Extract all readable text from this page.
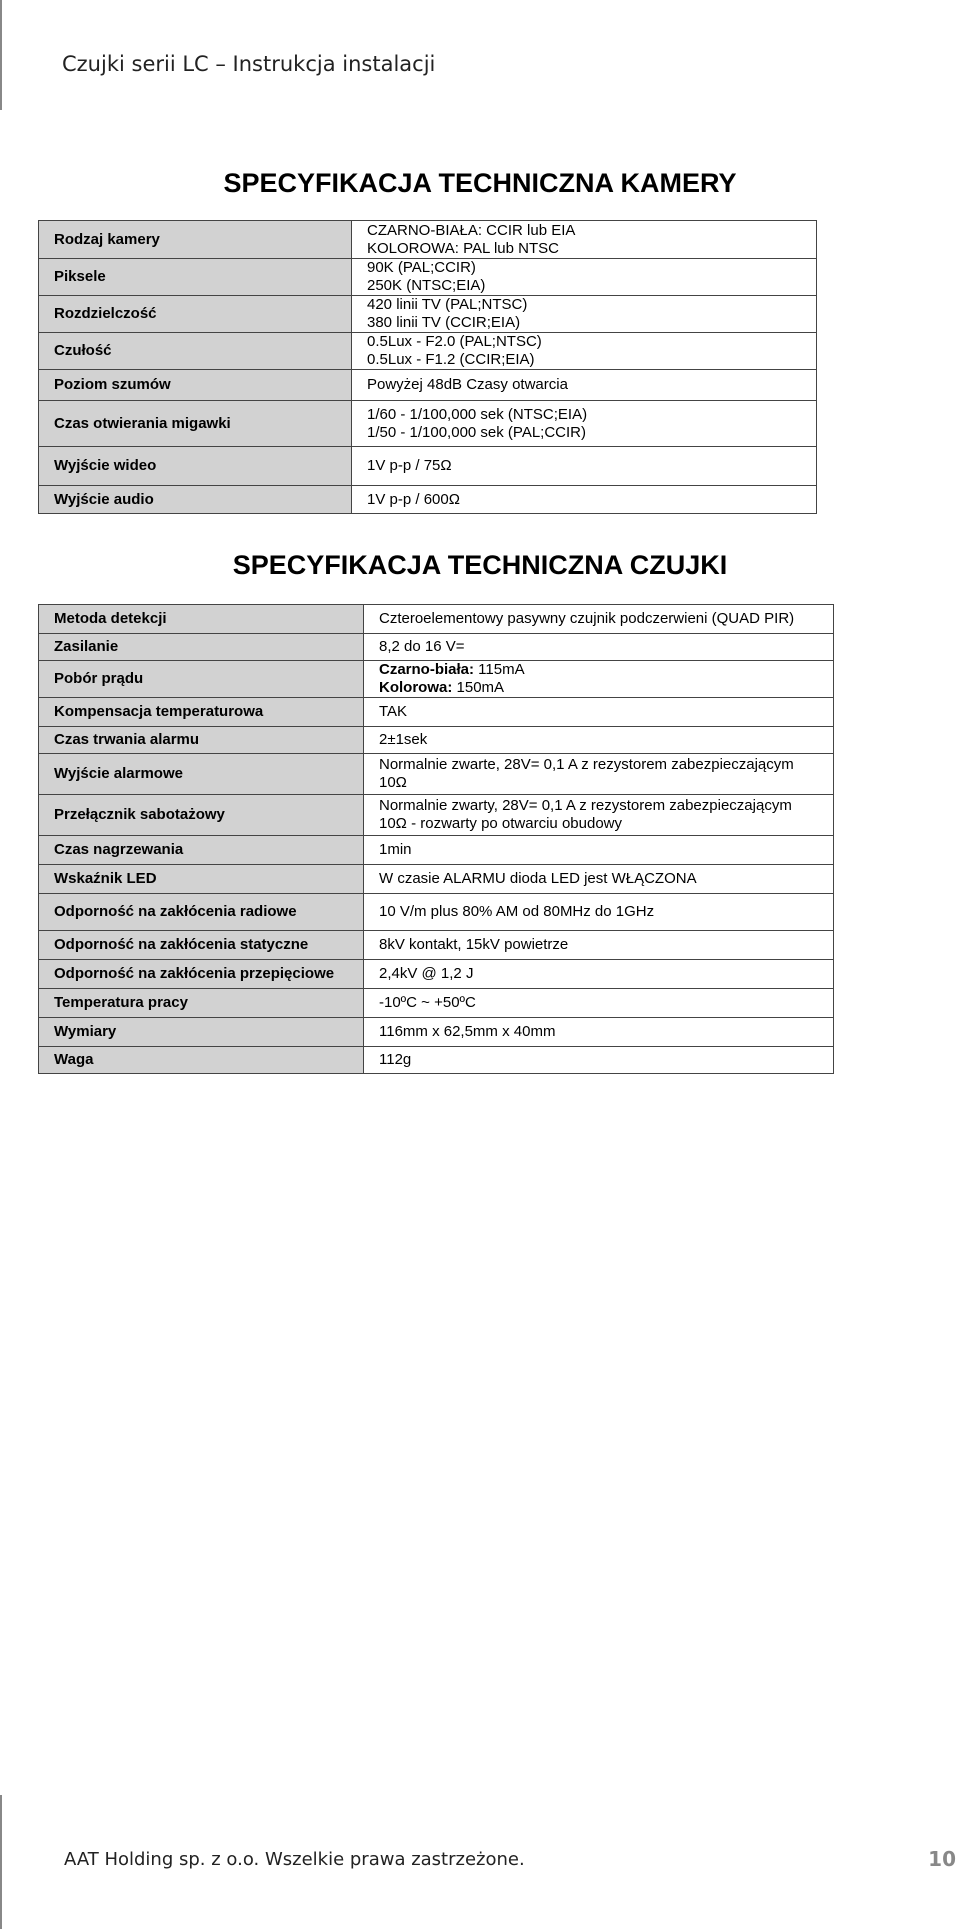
Czujki serii LC – Instrukcja instalacji
SPECYFIKACJA TECHNICZNA KAMERY
Rodzaj kamery	CZARNO-BIAŁA: CCIR lub EIA
KOLOROWA: PAL lub NTSC

Piksele	90K (PAL;CCIR)
250K (NTSC;EIA)

Rozdzielczość	420 linii TV (PAL;NTSC)
380 linii TV (CCIR;EIA)

Czułość	0.5Lux - F2.0 (PAL;NTSC)
0.5Lux - F1.2 (CCIR;EIA)

Poziom szumów	Powyżej 48dB Czasy otwarcia

Czas otwierania migawki	1/60 - 1/100,000 sek (NTSC;EIA)
1/50 - 1/100,000 sek (PAL;CCIR)

Wyjście wideo	1V p-p / 75Ω

Wyjście audio	1V p-p / 600Ω
SPECYFIKACJA TECHNICZNA CZUJKI
Metoda detekcji	Czteroelementowy pasywny czujnik podczerwieni (QUAD PIR)

Zasilanie	8,2 do 16 V=

Pobór prądu	Czarno-biała: 115mA
Kolorowa: 150mA

Kompensacja temperaturowa	TAK

Czas trwania alarmu	2±1sek

Wyjście alarmowe	Normalnie zwarte, 28V= 0,1 A z rezystorem zabezpieczającym
10Ω

Przełącznik sabotażowy	Normalnie zwarty, 28V= 0,1 A z rezystorem zabezpieczającym
10Ω - rozwarty po otwarciu obudowy

Czas nagrzewania	1min

Wskaźnik LED	W czasie ALARMU dioda LED jest WŁĄCZONA

Odporność na zakłócenia radiowe	10 V/m plus 80% AM od 80MHz do 1GHz

Odporność na zakłócenia statyczne	8kV kontakt, 15kV powietrze

Odporność na zakłócenia przepięciowe	2,4kV @ 1,2 J

Temperatura pracy	-10ºC ~ +50ºC

Wymiary	116mm x 62,5mm x 40mm

Waga	112g
AAT Holding sp. z o.o. Wszelkie prawa zastrzeżone.	10
